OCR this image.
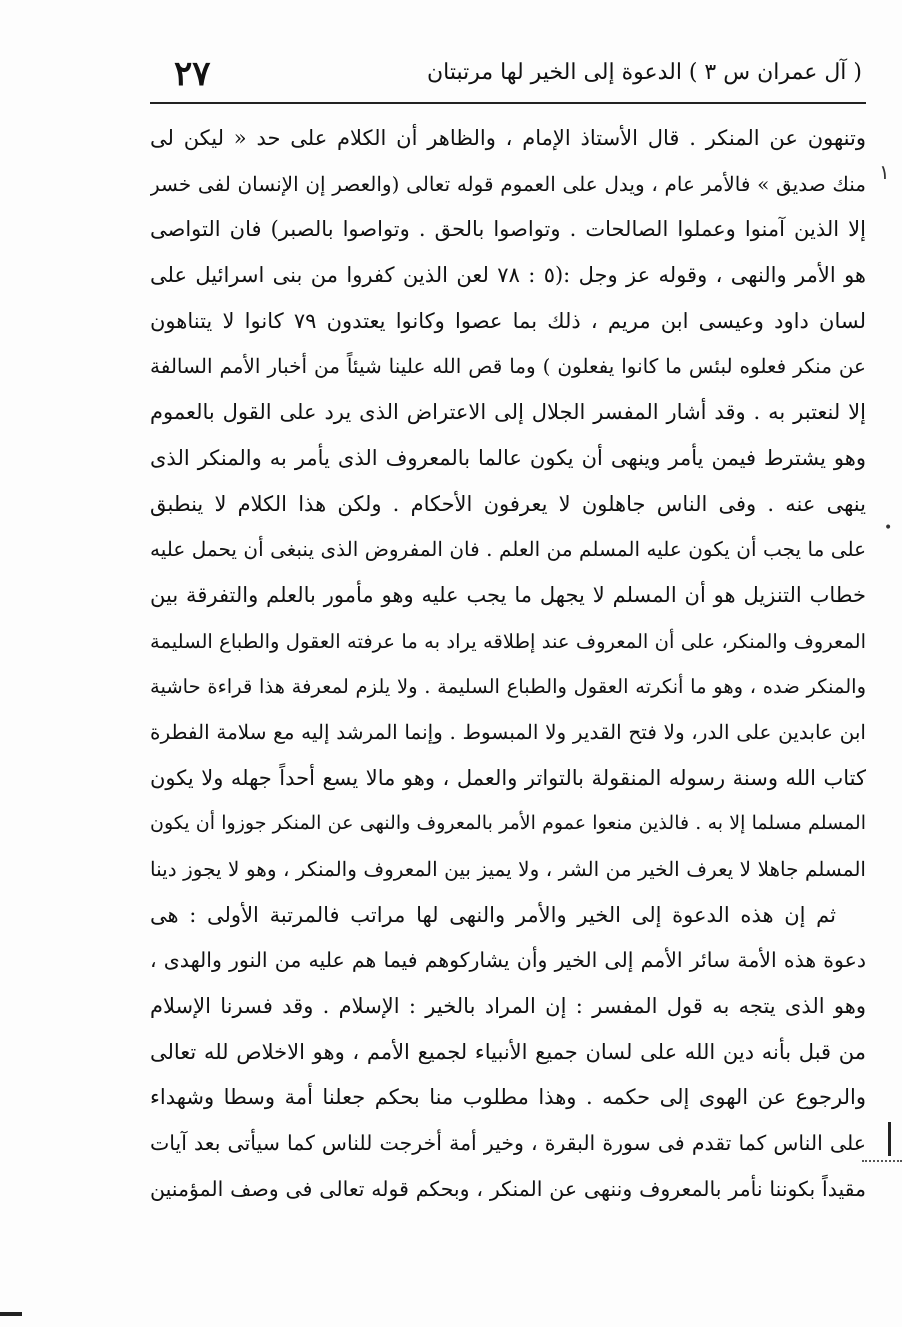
( آل عمران س ٣ )
الدعوة إلى الخير لها مرتبتان
٢٧
١
•
وتنهون عن المنكر . قال الأستاذ الإمام ، والظاهر أن الكلام على حد « ليكن لى
منك صديق » فالأمر عام ، ويدل على العموم قوله تعالى (والعصر إن الإنسان لفى خسر
إلا الذين آمنوا وعملوا الصالحات . وتواصوا بالحق . وتواصوا بالصبر) فان التواصى
هو الأمر والنهى ، وقوله عز وجل :(٥ : ٧٨ لعن الذين كفروا من بنى اسرائيل على
لسان داود وعيسى ابن مريم ، ذلك بما عصوا وكانوا يعتدون ٧٩ كانوا لا يتناهون
عن منكر فعلوه لبئس ما كانوا يفعلون ) وما قص الله علينا شيئاً من أخبار الأمم السالفة
إلا لنعتبر به . وقد أشار المفسر الجلال إلى الاعتراض الذى يرد على القول بالعموم
وهو يشترط فيمن يأمر وينهى أن يكون عالما بالمعروف الذى يأمر به والمنكر الذى
ينهى عنه . وفى الناس جاهلون لا يعرفون الأحكام . ولكن هذا الكلام لا ينطبق
على ما يجب أن يكون عليه المسلم من العلم . فان المفروض الذى ينبغى أن يحمل عليه
خطاب التنزيل هو أن المسلم لا يجهل ما يجب عليه وهو مأمور بالعلم والتفرقة بين
المعروف والمنكر، على أن المعروف عند إطلاقه يراد به ما عرفته العقول والطباع السليمة
والمنكر ضده ، وهو ما أنكرته العقول والطباع السليمة . ولا يلزم لمعرفة هذا قراءة حاشية
ابن عابدين على الدر، ولا فتح القدير ولا المبسوط . وإنما المرشد إليه مع سلامة الفطرة
كتاب الله وسنة رسوله المنقولة بالتواتر والعمل ، وهو مالا يسع أحداً جهله ولا يكون
المسلم مسلما إلا به . فالذين منعوا عموم الأمر بالمعروف والنهى عن المنكر جوزوا أن يكون
المسلم جاهلا لا يعرف الخير من الشر ، ولا يميز بين المعروف والمنكر ، وهو لا يجوز دينا
ثم إن هذه الدعوة إلى الخير والأمر والنهى لها مراتب فالمرتبة الأولى : هى
دعوة هذه الأمة سائر الأمم إلى الخير وأن يشاركوهم فيما هم عليه من النور والهدى ،
وهو الذى يتجه به قول المفسر : إن المراد بالخير : الإسلام . وقد فسرنا الإسلام
من قبل بأنه دين الله على لسان جميع الأنبياء لجميع الأمم ، وهو الاخلاص لله تعالى
والرجوع عن الهوى إلى حكمه . وهذا مطلوب منا بحكم جعلنا أمة وسطا وشهداء
على الناس كما تقدم فى سورة البقرة ، وخير أمة أخرجت للناس كما سيأتى بعد آيات
مقيداً بكوننا نأمر بالمعروف وننهى عن المنكر ، وبحكم قوله تعالى فى وصف المؤمنين
